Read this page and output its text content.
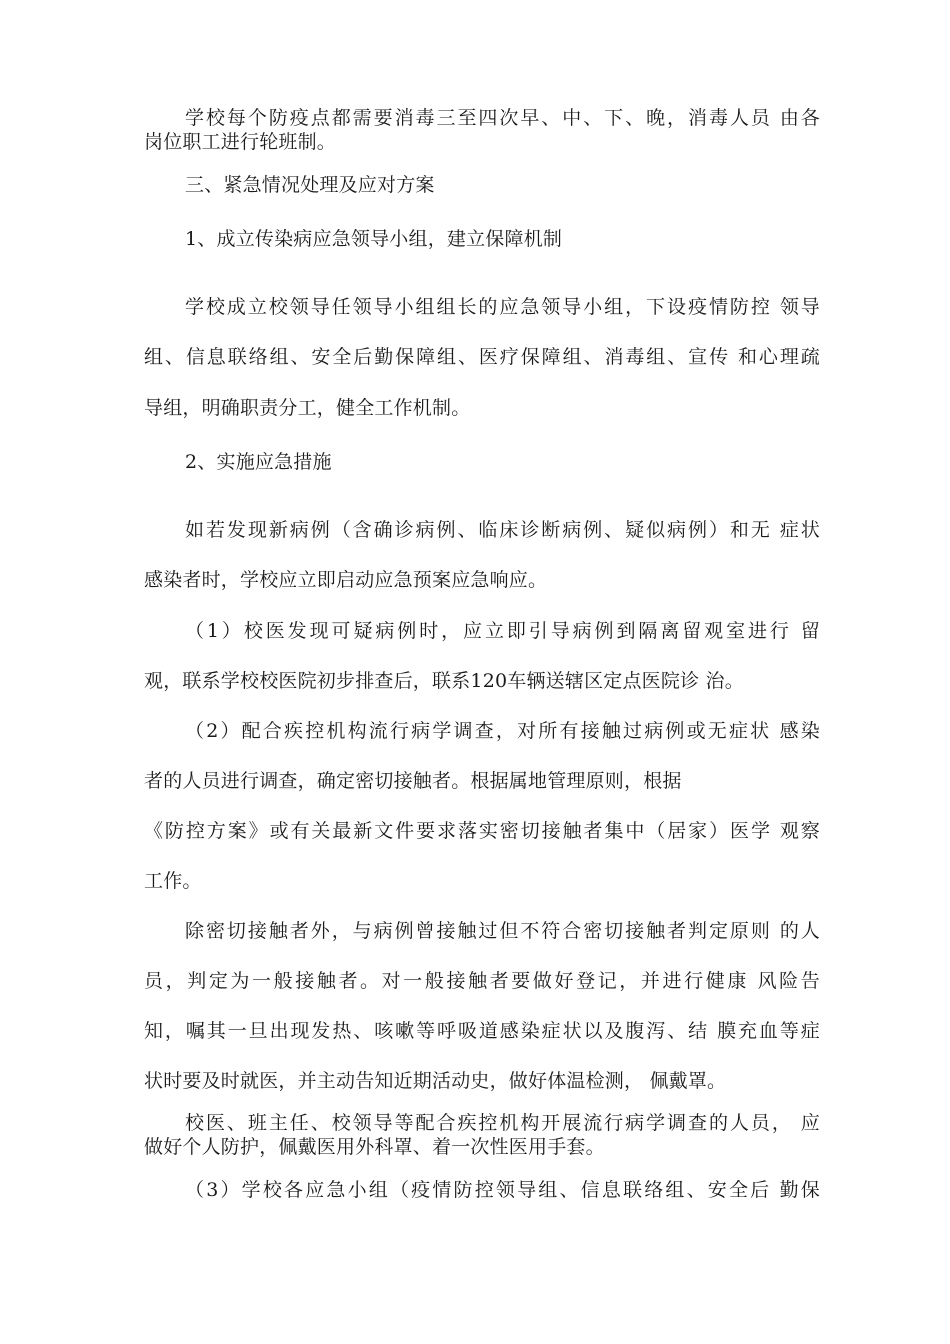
学校每个防疫点都需要消毒三至四次早、中、下、晚，消毒人员 由各
岗位职工进行轮班制。
三、紧急情况处理及应对方案
1、成立传染病应急领导小组，建立保障机制
学校成立校领导任领导小组组长的应急领导小组，下设疫情防控 领导
组、信息联络组、安全后勤保障组、医疗保障组、消毒组、宣传 和心理疏
导组，明确职责分工，健全工作机制。
2、实施应急措施
如若发现新病例（含确诊病例、临床诊断病例、疑似病例）和无 症状
感染者时，学校应立即启动应急预案应急响应。
（1）校医发现可疑病例时，应立即引导病例到隔离留观室进行 留
观，联系学校校医院初步排查后，联系120车辆送辖区定点医院诊 治。
（2）配合疾控机构流行病学调查，对所有接触过病例或无症状 感染
者的人员进行调查，确定密切接触者。根据属地管理原则，根据
《防控方案》或有关最新文件要求落实密切接触者集中（居家）医学 观察
工作。
除密切接触者外，与病例曾接触过但不符合密切接触者判定原则 的人
员，判定为一般接触者。对一般接触者要做好登记，并进行健康 风险告
知，嘱其一旦出现发热、咳嗽等呼吸道感染症状以及腹泻、结 膜充血等症
状时要及时就医，并主动告知近期活动史，做好体温检测， 佩戴罩。
校医、班主任、校领导等配合疾控机构开展流行病学调查的人员， 应
做好个人防护，佩戴医用外科罩、着一次性医用手套。
（3）学校各应急小组（疫情防控领导组、信息联络组、安全后 勤保
